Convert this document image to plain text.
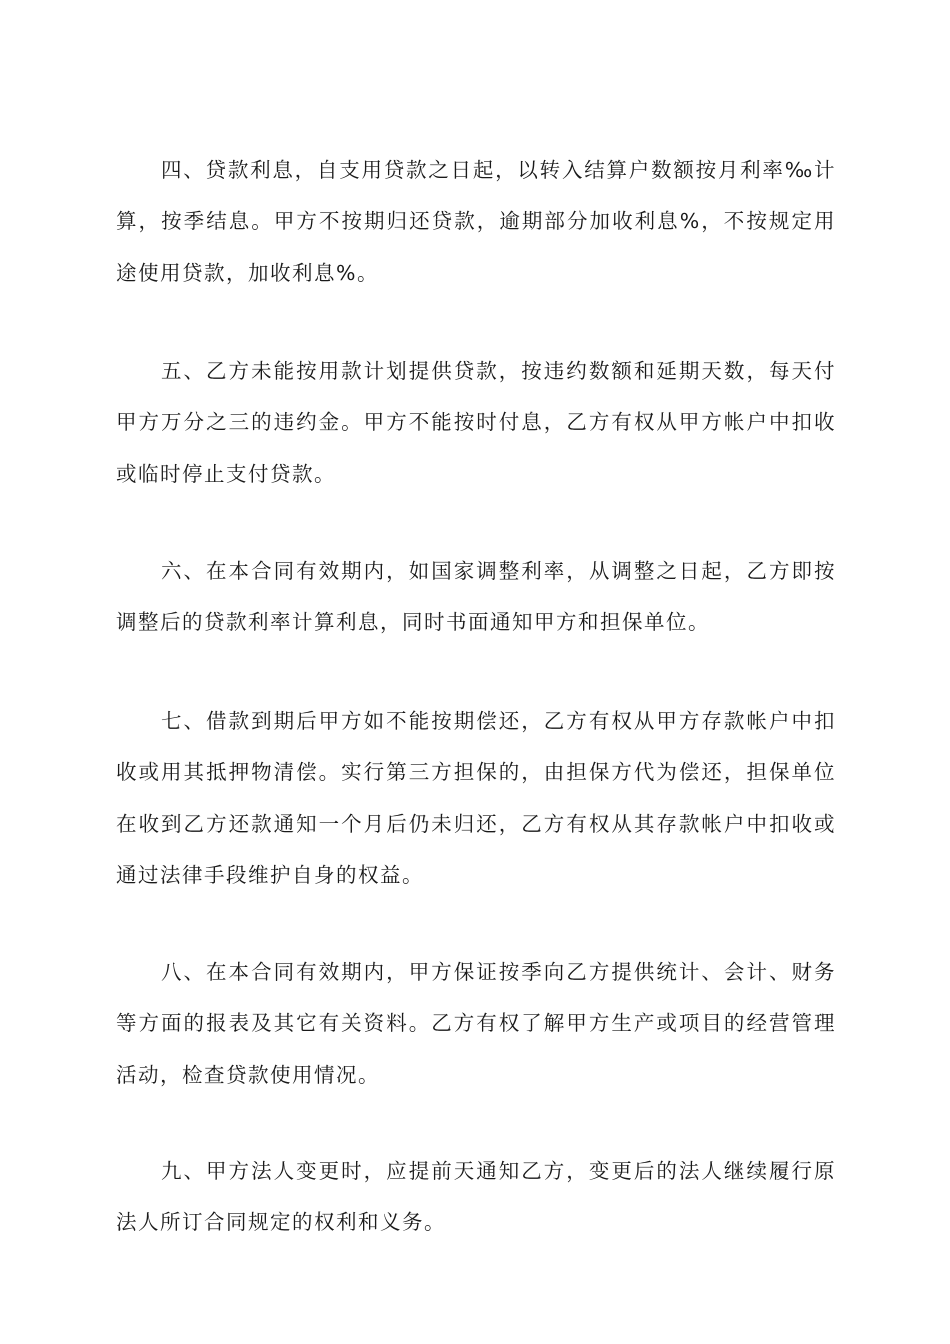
四、贷款利息，自支用贷款之日起，以转入结算户数额按月利率‰计算，按季结息。甲方不按期归还贷款，逾期部分加收利息%，不按规定用途使用贷款，加收利息%。

五、乙方未能按用款计划提供贷款，按违约数额和延期天数，每天付甲方万分之三的违约金。甲方不能按时付息，乙方有权从甲方帐户中扣收或临时停止支付贷款。

六、在本合同有效期内，如国家调整利率，从调整之日起，乙方即按调整后的贷款利率计算利息，同时书面通知甲方和担保单位。

七、借款到期后甲方如不能按期偿还，乙方有权从甲方存款帐户中扣收或用其抵押物清偿。实行第三方担保的，由担保方代为偿还，担保单位在收到乙方还款通知一个月后仍未归还，乙方有权从其存款帐户中扣收或通过法律手段维护自身的权益。

八、在本合同有效期内，甲方保证按季向乙方提供统计、会计、财务等方面的报表及其它有关资料。乙方有权了解甲方生产或项目的经营管理活动，检查贷款使用情况。

九、甲方法人变更时，应提前天通知乙方，变更后的法人继续履行原法人所订合同规定的权利和义务。
